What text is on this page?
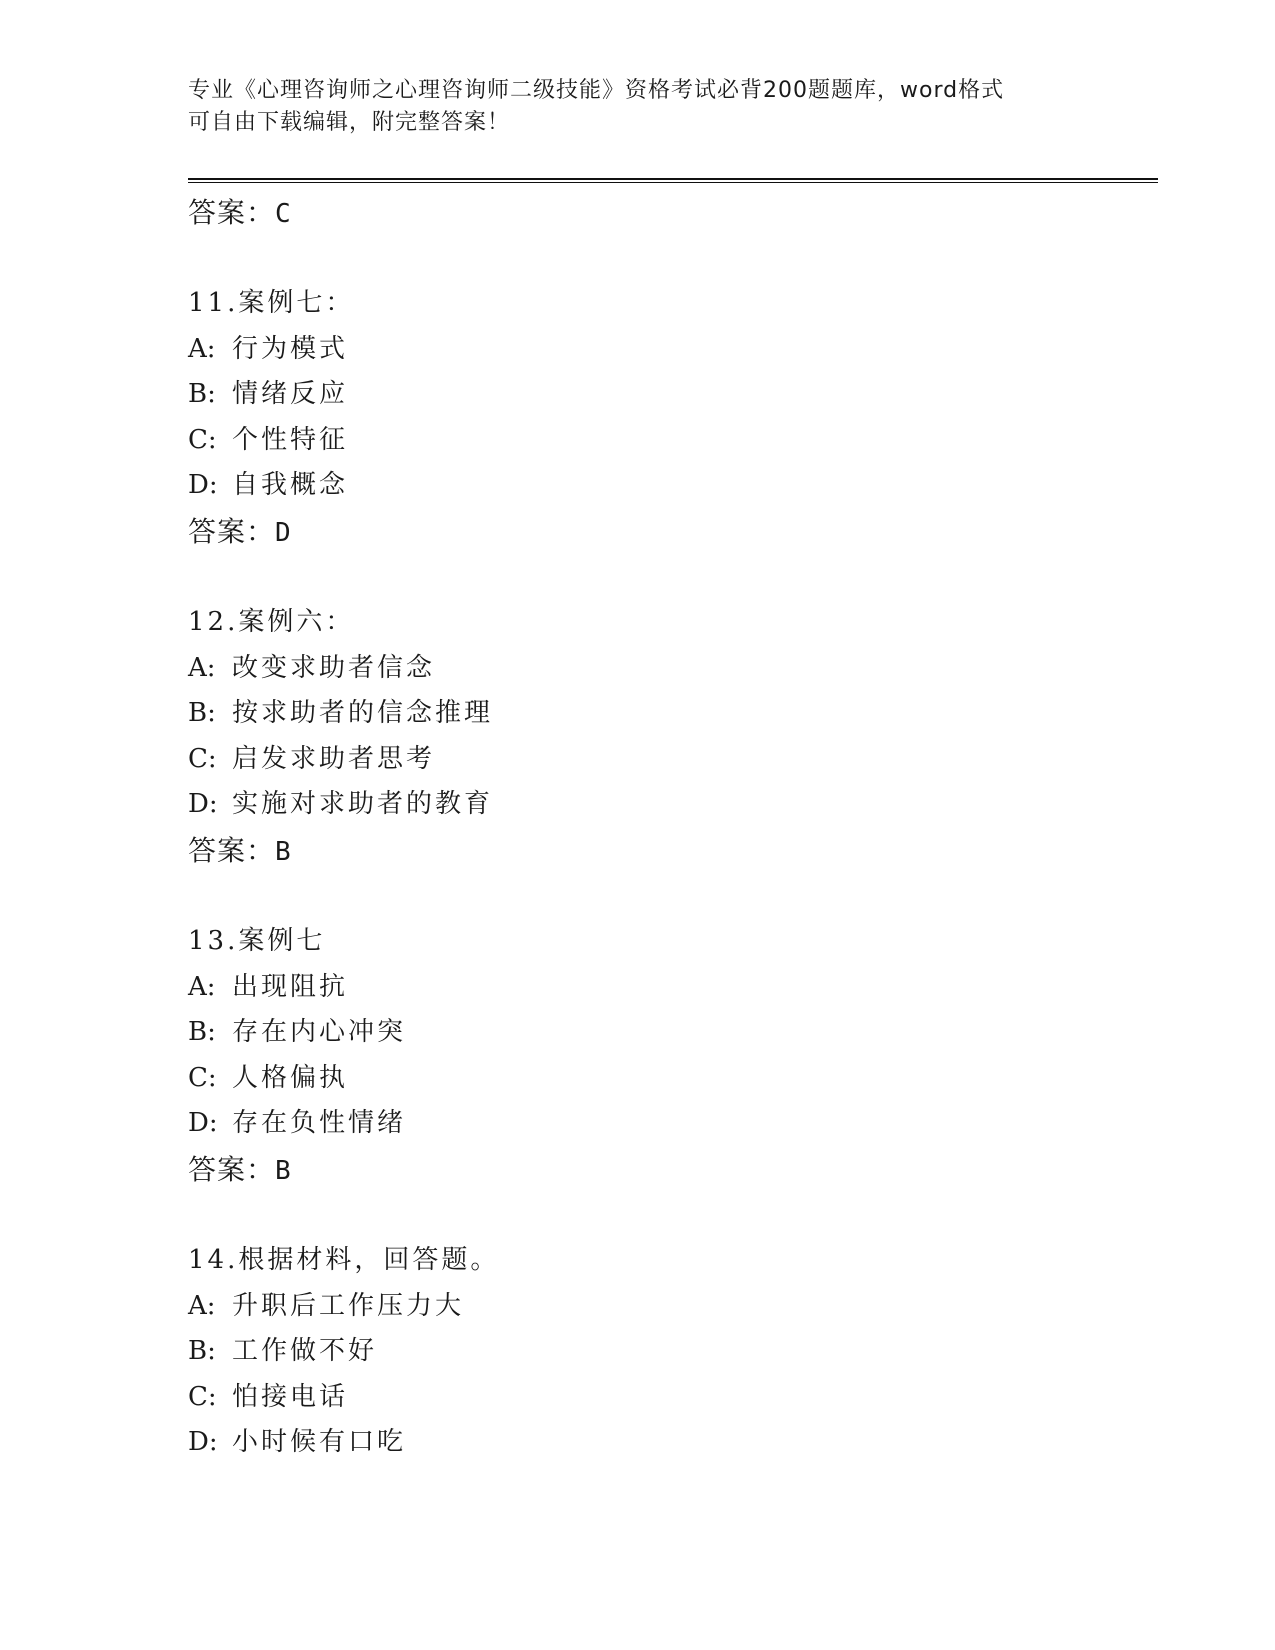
专业《心理咨询师之心理咨询师二级技能》资格考试必背200题题库，word格式
可自由下载编辑，附完整答案！
答案：C
11.案例七：
A: 行为模式
B: 情绪反应
C: 个性特征
D: 自我概念
答案：D
12.案例六：
A: 改变求助者信念
B: 按求助者的信念推理
C: 启发求助者思考
D: 实施对求助者的教育
答案：B
13.案例七
A: 出现阻抗
B: 存在内心冲突
C: 人格偏执
D: 存在负性情绪
答案：B
14.根据材料，回答题。
A: 升职后工作压力大
B: 工作做不好
C: 怕接电话
D: 小时候有口吃
